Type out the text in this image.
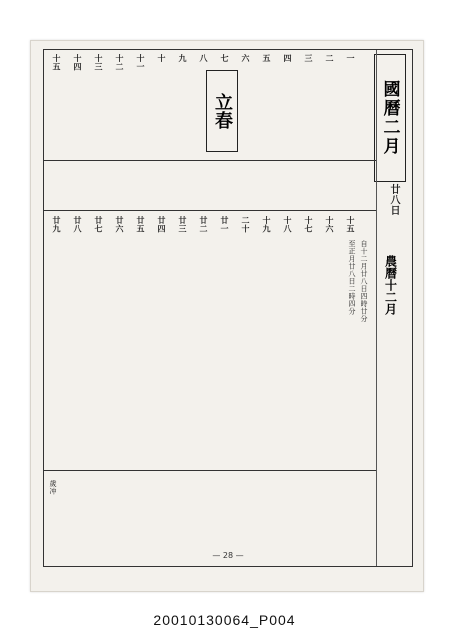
國曆二月
廿八日
農曆十二月
自十二月廿八日四時廿分
至正月廿八日二時四分
立春
一
二
三
四
五
六
七
八
九
十
十一
十二
十三
十四
十五
十五
十六
十七
十八
十九
二十
廿一
廿二
廿三
廿四
廿五
廿六
廿七
廿八
廿九
歲冲
— 28 —
20010130064_P004
